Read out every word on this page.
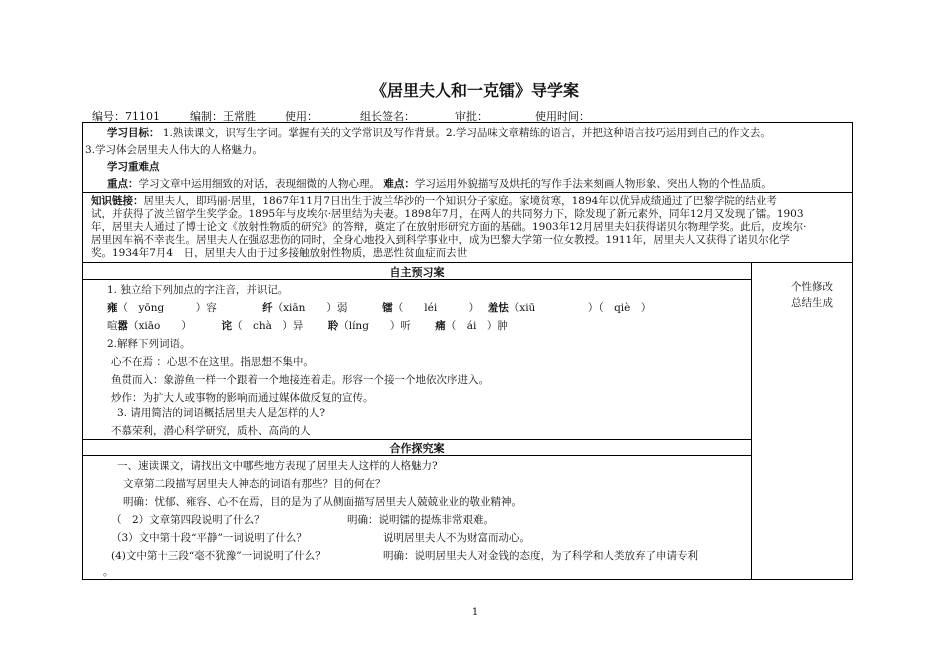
《居里夫人和一克镭》导学案
编号：71101	编制：王常胜	使用：	组长签名：	审批：	使用时间：
学习目标： 1.熟读课文，识写生字词。掌握有关的文学常识及写作背景。2.学习品味文章精练的语言，并把这种语言技巧运用到自己的作文去。
3.学习体会居里夫人伟大的人格魅力。
学习重难点
重点：学习文章中运用细致的对话，表现细微的人物心理。 难点：学习运用外貌描写及烘托的写作手法来刻画人物形象、突出人物的个性品质。
知识链接：居里夫人，即玛丽·居里，1867年11月7日出生于波兰华沙的一个知识分子家庭。家境贫寒，1894年以优异成绩通过了巴黎学院的结业考
试，并获得了波兰留学生奖学金。1895年与皮埃尔·居里结为夫妻。1898年7月，在两人的共同努力下，除发现了新元素外，同年12月又发现了镭。1903
年，居里夫人通过了博士论文《放射性物质的研究》的答辩，奠定了在放射形研究方面的基础。1903年12月居里夫妇获得诺贝尔物理学奖。此后，皮埃尔·
居里因车祸不幸丧生。居里夫人在强忍悲伤的同时，全身心地投入到科学事业中，成为巴黎大学第一位女教授。1911年，居里夫人又获得了诺贝尔化学
奖。1934年7月4　日，居里夫人由于过多接触放射性物质，患恶性贫血症而去世
自主预习案
个性修改
总结生成
1. 独立给下列加点的字注音，并识记。
雍（　yōng　　　）容　　　　	纤（xiān　　）弱　　　	镭（　　léi　　　）　 羞怯（xiū　　　　　）（　qiè　）
喧嚣（xiāo　　）　　　	诧（　chà　）异　　 聆（líng　　）听　　 痛（　ái　）肿
2.解释下列词语。
心不在焉 ：心思不在这里。指思想不集中。
鱼贯而入：象游鱼一样一个跟着一个地接连着走。形容一个接一个地依次序进入。
炒作：为扩大人或事物的影响而通过媒体做反复的宣传。
3. 请用简洁的词语概括居里夫人是怎样的人?
不慕荣利，潜心科学研究，质朴、高尚的人
合作探究案
一、速读课文，请找出文中哪些地方表现了居里夫人这样的人格魅力?
文章第二段描写居里夫人神态的词语有那些？目的何在？
明确：忧郁、雍容、心不在焉，目的是为了从侧面描写居里夫人兢兢业业的敬业精神。
（　2）文章第四段说明了什么？	明确：说明镭的提炼非常艰难。
（3）文中第十段“平静”一词说明了什么？	说明居里夫人不为财富而动心。
(4)文中第十三段“毫不犹豫”一词说明了什么？	明确：说明居里夫人对金钱的态度，为了科学和人类放弃了申请专利
。
1
